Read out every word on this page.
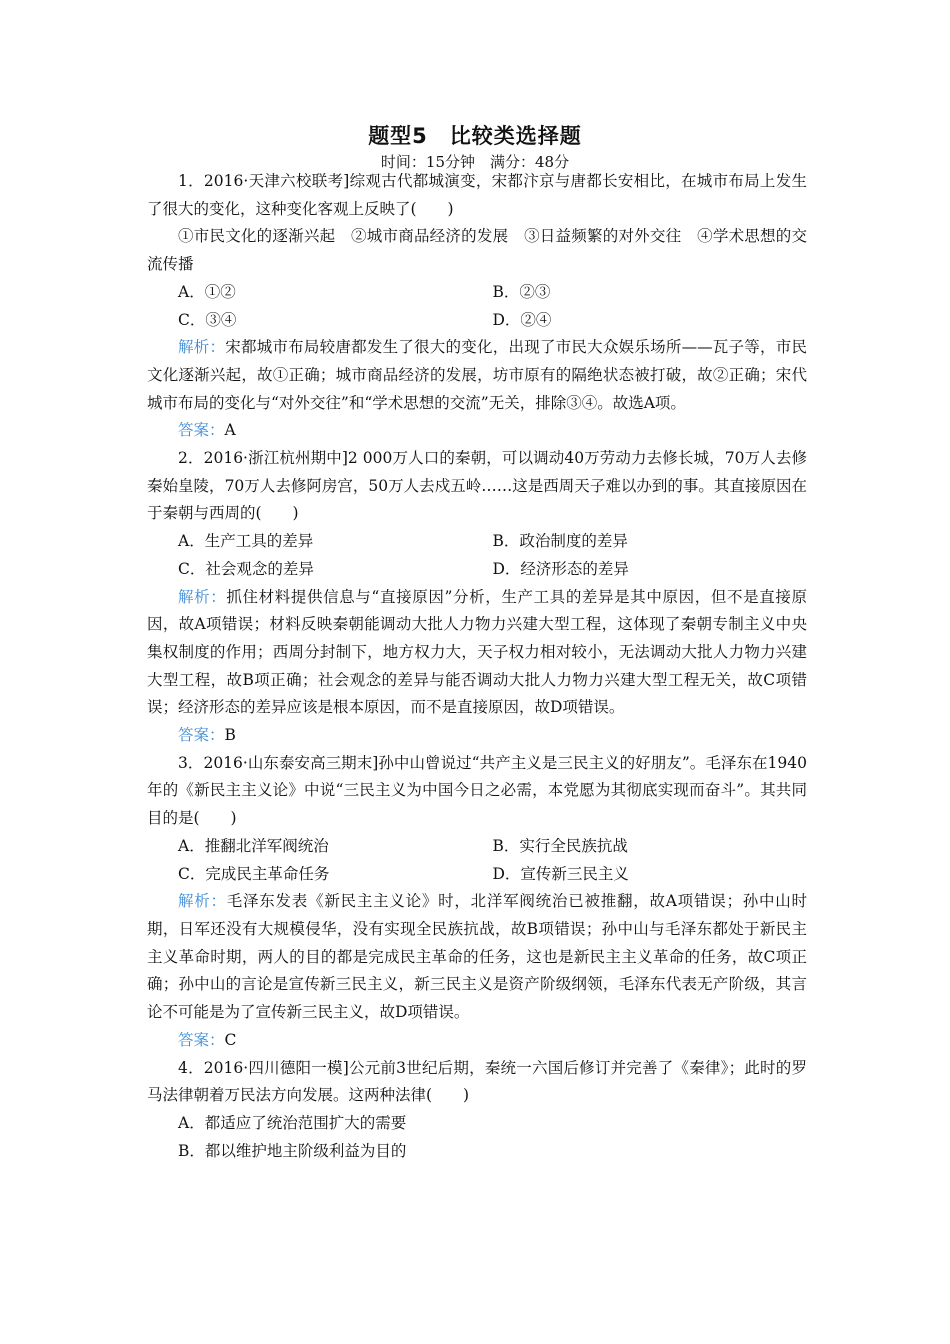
题型5　比较类选择题
时间：15分钟　满分：48分

1．2016·天津六校联考]综观古代都城演变，宋都汴京与唐都长安相比，在城市布局上发生了很大的变化，这种变化客观上反映了(　　)

①市民文化的逐渐兴起　②城市商品经济的发展　③日益频繁的对外交往　④学术思想的交流传播

A．①②	B．②③
C．③④	D．②④

解析：宋都城市布局较唐都发生了很大的变化，出现了市民大众娱乐场所——瓦子等，市民文化逐渐兴起，故①正确；城市商品经济的发展，坊市原有的隔绝状态被打破，故②正确；宋代城市布局的变化与“对外交往”和“学术思想的交流”无关，排除③④。故选A项。

答案：A

2．2016·浙江杭州期中]2 000万人口的秦朝，可以调动40万劳动力去修长城，70万人去修秦始皇陵，70万人去修阿房宫，50万人去戍五岭……这是西周天子难以办到的事。其直接原因在于秦朝与西周的(　　)

A．生产工具的差异	B．政治制度的差异
C．社会观念的差异	D．经济形态的差异

解析：抓住材料提供信息与“直接原因”分析，生产工具的差异是其中原因，但不是直接原因，故A项错误；材料反映秦朝能调动大批人力物力兴建大型工程，这体现了秦朝专制主义中央集权制度的作用；西周分封制下，地方权力大，天子权力相对较小，无法调动大批人力物力兴建大型工程，故B项正确；社会观念的差异与能否调动大批人力物力兴建大型工程无关，故C项错误；经济形态的差异应该是根本原因，而不是直接原因，故D项错误。

答案：B

3．2016·山东泰安高三期末]孙中山曾说过“共产主义是三民主义的好朋友”。毛泽东在1940年的《新民主主义论》中说“三民主义为中国今日之必需，本党愿为其彻底实现而奋斗”。其共同目的是(　　)

A．推翻北洋军阀统治	B．实行全民族抗战
C．完成民主革命任务	D．宣传新三民主义

解析：毛泽东发表《新民主主义论》时，北洋军阀统治已被推翻，故A项错误；孙中山时期，日军还没有大规模侵华，没有实现全民族抗战，故B项错误；孙中山与毛泽东都处于新民主主义革命时期，两人的目的都是完成民主革命的任务，这也是新民主主义革命的任务，故C项正确；孙中山的言论是宣传新三民主义，新三民主义是资产阶级纲领，毛泽东代表无产阶级，其言论不可能是为了宣传新三民主义，故D项错误。

答案：C

4．2016·四川德阳一模]公元前3世纪后期，秦统一六国后修订并完善了《秦律》；此时的罗马法律朝着万民法方向发展。这两种法律(　　)

A．都适应了统治范围扩大的需要
B．都以维护地主阶级利益为目的
